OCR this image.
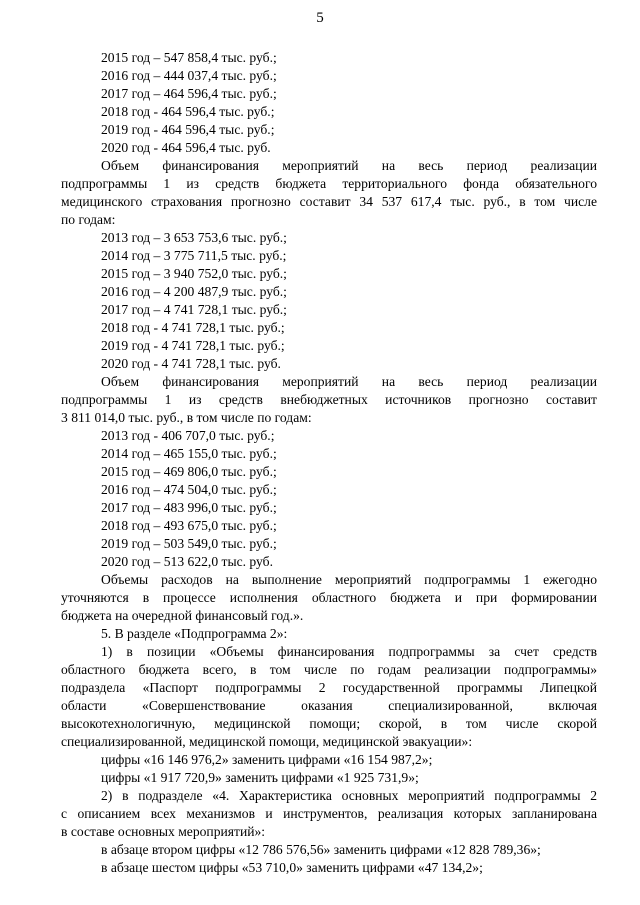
5

2015 год – 547 858,4 тыс. руб.;

2016 год – 444 037,4 тыс. руб.;

2017 год – 464 596,4 тыс. руб.;

2018 год - 464 596,4 тыс. руб.;

2019 год - 464 596,4 тыс. руб.;

2020 год - 464 596,4 тыс. руб.

Объем финансирования мероприятий на весь период реализации

подпрограммы 1 из средств бюджета территориального фонда обязательного

медицинского страхования прогнозно составит 34 537 617,4 тыс. руб., в том числе

по годам:

2013 год – 3 653 753,6 тыс. руб.;

2014 год – 3 775 711,5 тыс. руб.;

2015 год – 3 940 752,0 тыс. руб.;

2016 год – 4 200 487,9 тыс. руб.;

2017 год – 4 741 728,1 тыс. руб.;

2018 год - 4 741 728,1 тыс. руб.;

2019 год - 4 741 728,1 тыс. руб.;

2020 год - 4 741 728,1 тыс. руб.

Объем финансирования мероприятий на весь период реализации

подпрограммы 1 из средств внебюджетных источников прогнозно составит

3 811 014,0 тыс. руб., в том числе по годам:

2013 год - 406 707,0 тыс. руб.;

2014 год – 465 155,0 тыс. руб.;

2015 год – 469 806,0 тыс. руб.;

2016 год – 474 504,0 тыс. руб.;

2017 год – 483 996,0 тыс. руб.;

2018 год – 493 675,0 тыс. руб.;

2019 год – 503 549,0 тыс. руб.;

2020 год – 513 622,0 тыс. руб.

Объемы расходов на выполнение мероприятий подпрограммы 1 ежегодно

уточняются в процессе исполнения областного бюджета и при формировании

бюджета на очередной финансовый год.».

5. В разделе «Подпрограмма 2»:

1) в позиции «Объемы финансирования подпрограммы за счет средств

областного бюджета всего, в том числе по годам реализации подпрограммы»

подраздела «Паспорт подпрограммы 2 государственной программы Липецкой

области «Совершенствование оказания специализированной, включая

высокотехнологичную, медицинской помощи; скорой, в том числе скорой

специализированной, медицинской помощи, медицинской эвакуации»:

цифры «16 146 976,2» заменить цифрами «16 154 987,2»;

цифры «1 917 720,9» заменить цифрами «1 925 731,9»;

2) в подразделе «4. Характеристика основных мероприятий подпрограммы 2

с описанием всех механизмов и инструментов, реализация которых запланирована

в составе основных мероприятий»:

в абзаце втором цифры «12 786 576,56» заменить цифрами «12 828 789,36»;

в абзаце шестом цифры «53 710,0» заменить цифрами «47 134,2»;
